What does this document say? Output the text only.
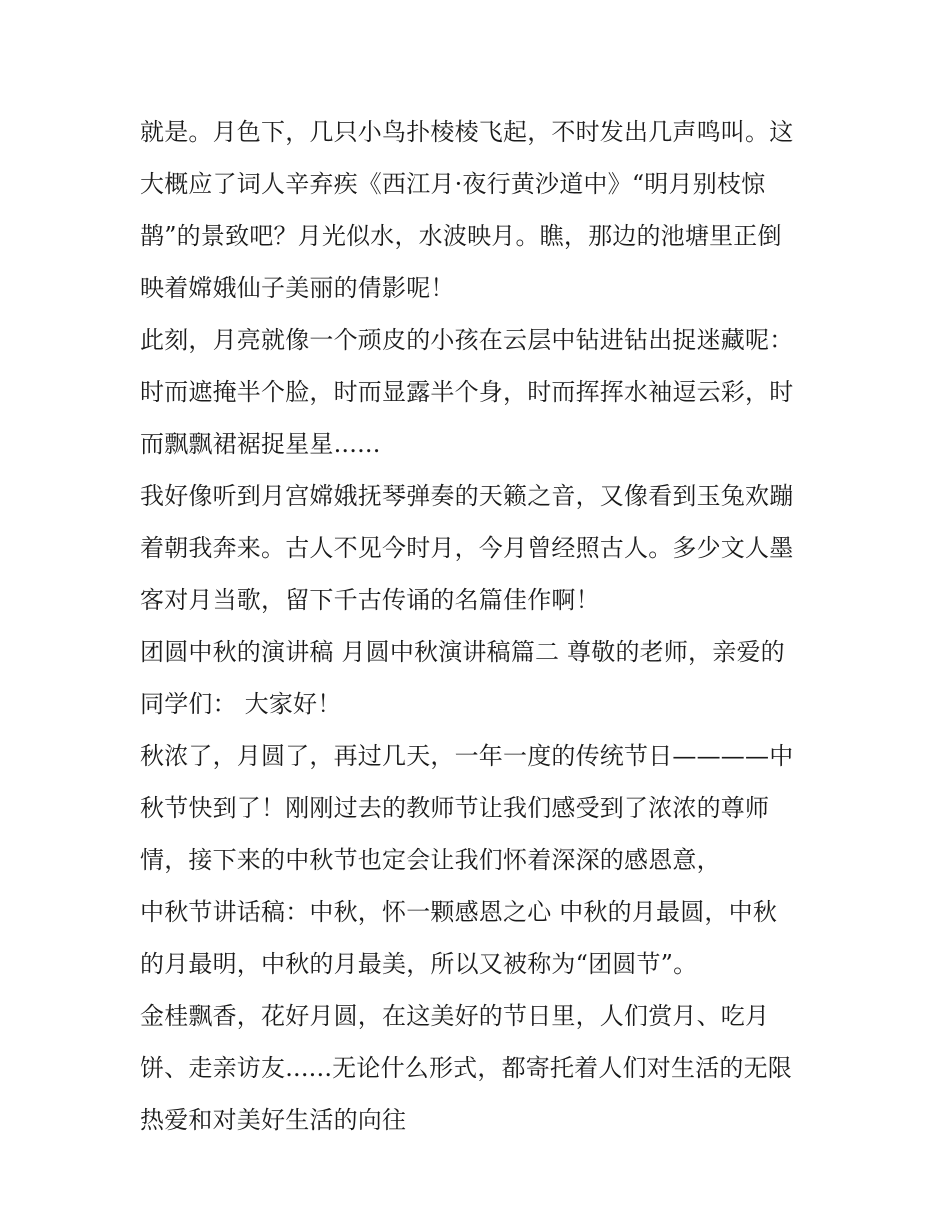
就是。月色下，几只小鸟扑棱棱飞起，不时发出几声鸣叫。这
大概应了词人辛弃疾《西江月·夜行黄沙道中》“明月别枝惊
鹊”的景致吧？月光似水，水波映月。瞧，那边的池塘里正倒
映着嫦娥仙子美丽的倩影呢！
此刻，月亮就像一个顽皮的小孩在云层中钻进钻出捉迷藏呢：
时而遮掩半个脸，时而显露半个身，时而挥挥水袖逗云彩，时
而飘飘裙裾捉星星......
我好像听到月宫嫦娥抚琴弹奏的天籁之音，又像看到玉兔欢蹦
着朝我奔来。古人不见今时月，今月曾经照古人。多少文人墨
客对月当歌，留下千古传诵的名篇佳作啊！
团圆中秋的演讲稿 月圆中秋演讲稿篇二 尊敬的老师，亲爱的
同学们： 大家好！
秋浓了，月圆了，再过几天，一年一度的传统节日————中
秋节快到了！刚刚过去的教师节让我们感受到了浓浓的尊师
情，接下来的中秋节也定会让我们怀着深深的感恩意，
中秋节讲话稿：中秋，怀一颗感恩之心 中秋的月最圆，中秋
的月最明，中秋的月最美，所以又被称为“团圆节”。
金桂飘香，花好月圆，在这美好的节日里，人们赏月、吃月
饼、走亲访友......无论什么形式，都寄托着人们对生活的无限
热爱和对美好生活的向往
